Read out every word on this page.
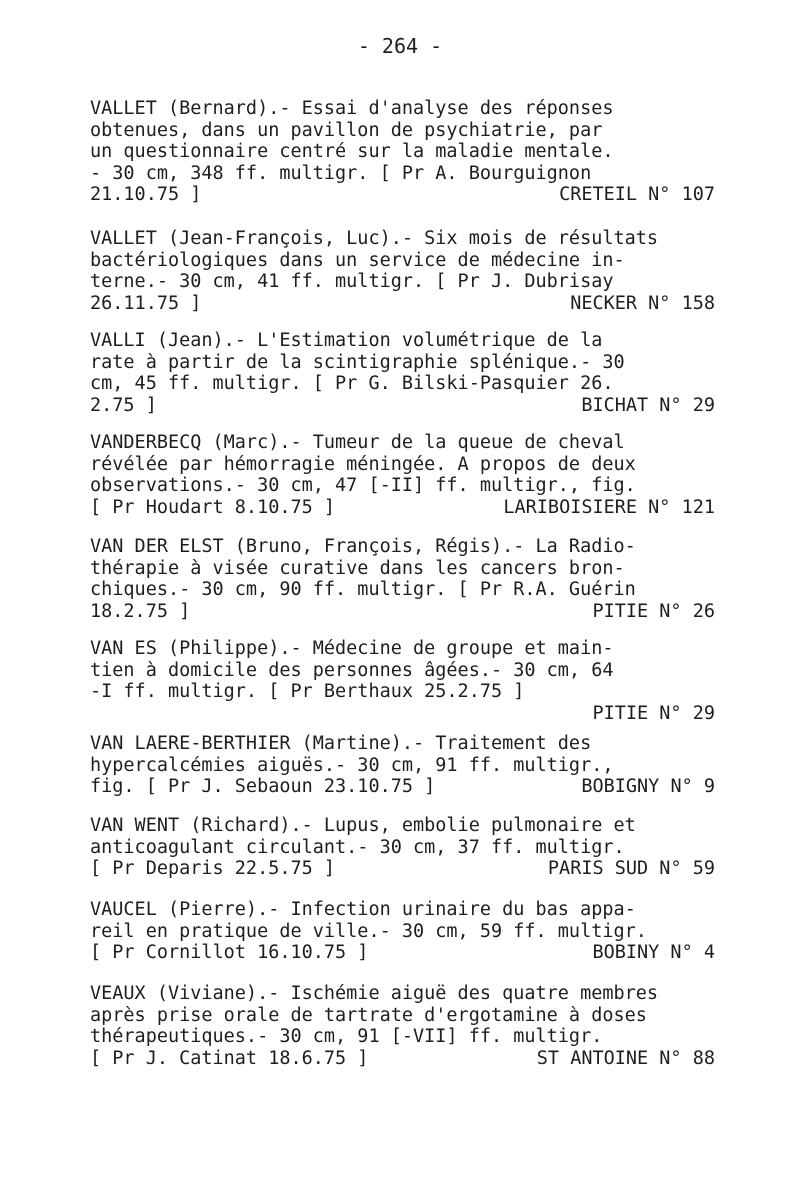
- 264 -
VALLET (Bernard).- Essai d'analyse des réponses
obtenues, dans un pavillon de psychiatrie, par
un questionnaire centré sur la maladie mentale.
- 30 cm, 348 ff. multigr. [ Pr A. Bourguignon
21.10.75 ]	CRETEIL N° 107
VALLET (Jean-François, Luc).- Six mois de résultats
bactériologiques dans un service de médecine in-
terne.- 30 cm, 41 ff. multigr. [ Pr J. Dubrisay
26.11.75 ]	NECKER N° 158
VALLI (Jean).- L'Estimation volumétrique de la
rate à partir de la scintigraphie splénique.- 30
cm, 45 ff. multigr. [ Pr G. Bilski-Pasquier 26.
2.75 ]	BICHAT N° 29
VANDERBECQ (Marc).- Tumeur de la queue de cheval
révélée par hémorragie méningée. A propos de deux
observations.- 30 cm, 47 [-II] ff. multigr., fig.
[ Pr Houdart 8.10.75 ]	LARIBOISIERE N° 121
VAN DER ELST (Bruno, François, Régis).- La Radio-
thérapie à visée curative dans les cancers bron-
chiques.- 30 cm, 90 ff. multigr. [ Pr R.A. Guérin
18.2.75 ]	PITIE N° 26
VAN ES (Philippe).- Médecine de groupe et main-
tien à domicile des personnes âgées.- 30 cm, 64
-I ff. multigr. [ Pr Berthaux 25.2.75 ]
PITIE N° 29
VAN LAERE-BERTHIER (Martine).- Traitement des
hypercalcémies aiguës.- 30 cm, 91 ff. multigr.,
fig. [ Pr J. Sebaoun 23.10.75 ]	BOBIGNY N° 9
VAN WENT (Richard).- Lupus, embolie pulmonaire et
anticoagulant circulant.- 30 cm, 37 ff. multigr.
[ Pr Deparis 22.5.75 ]	PARIS SUD N° 59
VAUCEL (Pierre).- Infection urinaire du bas appa-
reil en pratique de ville.- 30 cm, 59 ff. multigr.
[ Pr Cornillot 16.10.75 ]	BOBINY N° 4
VEAUX (Viviane).- Ischémie aiguë des quatre membres
après prise orale de tartrate d'ergotamine à doses
thérapeutiques.- 30 cm, 91 [-VII] ff. multigr.
[ Pr J. Catinat 18.6.75 ]	ST ANTOINE N° 88
